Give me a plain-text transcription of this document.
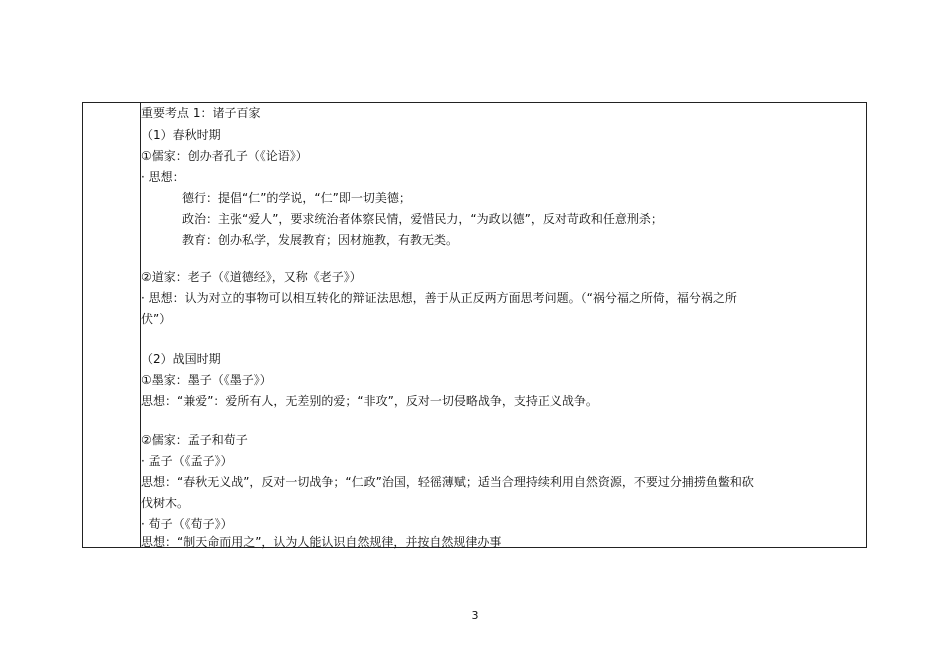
重要考点 1：诸子百家
（1）春秋时期
①儒家：创办者孔子（《论语》）
· 思想：
德行：提倡“仁”的学说，“仁”即一切美德；
政治：主张“爱人”，要求统治者体察民情，爱惜民力，“为政以德”，反对苛政和任意刑杀；
教育：创办私学，发展教育；因材施教，有教无类。
②道家：老子（《道德经》，又称《老子》）
· 思想：认为对立的事物可以相互转化的辩证法思想，善于从正反两方面思考问题。（“祸兮福之所倚，福兮祸之所
伏”）
（2）战国时期
①墨家：墨子（《墨子》）
思想：“兼爱”：爱所有人，无差别的爱；“非攻”，反对一切侵略战争，支持正义战争。
②儒家：孟子和荀子
· 孟子（《孟子》）
思想：“春秋无义战”，反对一切战争；“仁政”治国，轻徭薄赋；适当合理持续利用自然资源，不要过分捕捞鱼鳖和砍
伐树木。
· 荀子（《荀子》）
思想：“制天命而用之”，认为人能认识自然规律，并按自然规律办事
3
